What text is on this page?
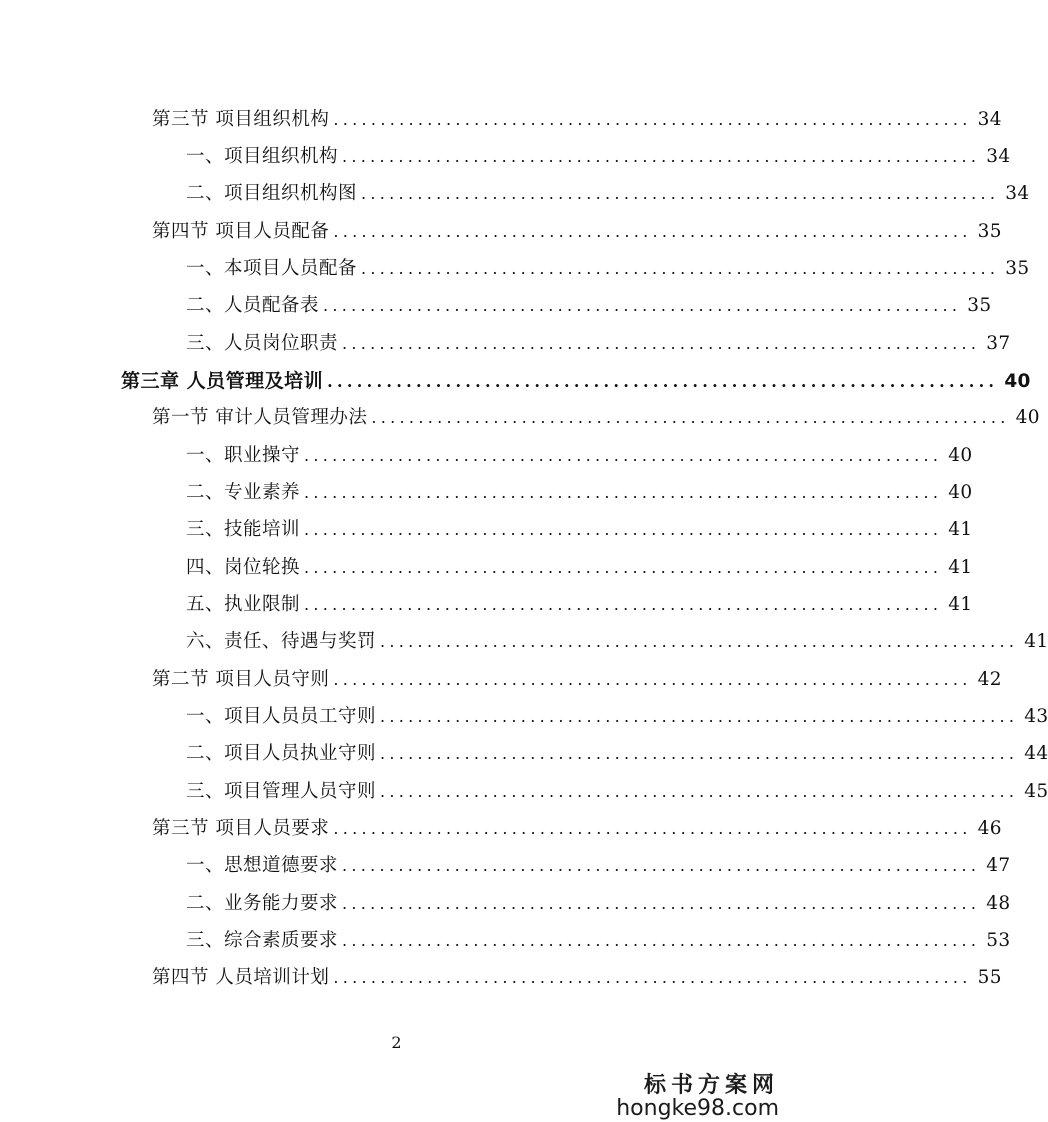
第三节 项目组织机构 .................................................................... 34
一、项目组织机构 .................................................................... 34
二、项目组织机构图 .................................................................... 34
第四节 项目人员配备 .................................................................... 35
一、本项目人员配备 .................................................................... 35
二、人员配备表 .................................................................... 35
三、人员岗位职责 .................................................................... 37
第三章 人员管理及培训 .................................................................... 40
第一节 审计人员管理办法 .................................................................... 40
一、职业操守 .................................................................... 40
二、专业素养 .................................................................... 40
三、技能培训 .................................................................... 41
四、岗位轮换 .................................................................... 41
五、执业限制 .................................................................... 41
六、责任、待遇与奖罚 .................................................................... 41
第二节 项目人员守则 .................................................................... 42
一、项目人员员工守则 .................................................................... 43
二、项目人员执业守则 .................................................................... 44
三、项目管理人员守则 .................................................................... 45
第三节 项目人员要求 .................................................................... 46
一、思想道德要求 .................................................................... 47
二、业务能力要求 .................................................................... 48
三、综合素质要求 .................................................................... 53
第四节 人员培训计划 .................................................................... 55
2
标书方案网
hongke98.com
